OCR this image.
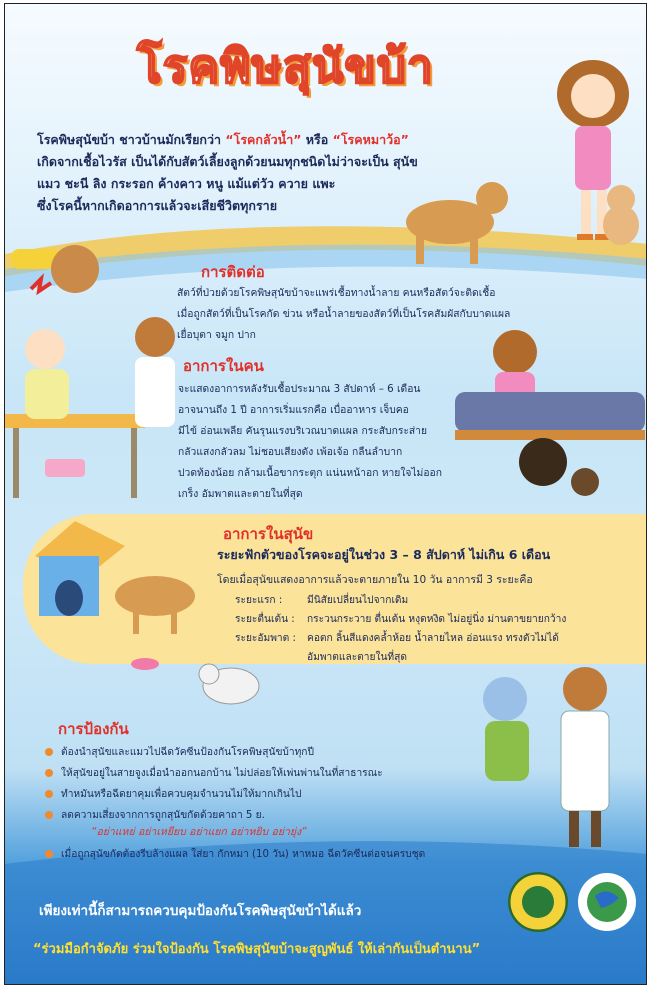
โรคพิษสุนัขบ้า
โรคพิษสุนัขบ้า ชาวบ้านมักเรียกว่า “โรคกลัวน้ำ” หรือ “โรคหมาว้อ”
เกิดจากเชื้อไวรัส เป็นได้กับสัตว์เลี้ยงลูกด้วยนมทุกชนิดไม่ว่าจะเป็น สุนัข
แมว ชะนี ลิง กระรอก ค้างคาว หนู แม้แต่วัว ควาย แพะ
ซึ่งโรคนี้หากเกิดอาการแล้วจะเสียชีวิตทุกราย
การติดต่อ
สัตว์ที่ป่วยด้วยโรคพิษสุนัขบ้าจะแพร่เชื้อทางน้ำลาย คนหรือสัตว์จะติดเชื้อ
เมื่อถูกสัตว์ที่เป็นโรคกัด ข่วน หรือน้ำลายของสัตว์ที่เป็นโรคสัมผัสกับบาดแผล
เยื่อบุตา จมูก ปาก
อาการในคน
จะแสดงอาการหลังรับเชื้อประมาณ 3 สัปดาห์ – 6 เดือน
อาจนานถึง 1 ปี อาการเริ่มแรกคือ เบื่ออาหาร เจ็บคอ
มีไข้ อ่อนเพลีย คันรุนแรงบริเวณบาดแผล กระสับกระส่าย
กลัวแสงกลัวลม ไม่ชอบเสียงดัง เพ้อเจ้อ กลืนลำบาก
ปวดท้องน้อย กล้ามเนื้อขากระตุก แน่นหน้าอก หายใจไม่ออก
เกร็ง อัมพาตและตายในที่สุด
อาการในสุนัข
ระยะฟักตัวของโรคจะอยู่ในช่วง 3 – 8 สัปดาห์ ไม่เกิน 6 เดือน
โดยเมื่อสุนัขแสดงอาการแล้วจะตายภายใน 10 วัน อาการมี 3 ระยะคือ
ระยะแรก : มีนิสัยเปลี่ยนไปจากเดิม
ระยะตื่นเต้น : กระวนกระวาย ตื่นเต้น หงุดหงิด ไม่อยู่นิ่ง ม่านตาขยายกว้าง
ระยะอัมพาต : คอตก ลิ้นสีแดงคล้ำห้อย น้ำลายไหล อ่อนแรง ทรงตัวไม่ได้
อัมพาตและตายในที่สุด
การป้องกัน
ต้องนำสุนัขและแมวไปฉีดวัคซีนป้องกันโรคพิษสุนัขบ้าทุกปี
ให้สุนัขอยู่ในสายจูงเมื่อนำออกนอกบ้าน ไม่ปล่อยให้เพ่นพ่านในที่สาธารณะ
ทำหมันหรือฉีดยาคุมเพื่อควบคุมจำนวนไม่ให้มากเกินไป
ลดความเสี่ยงจากการถูกสุนัขกัดด้วยคาถา 5 ย.
เมื่อถูกสุนัขกัดต้องรีบล้างแผล ใส่ยา กักหมา (10 วัน) หาหมอ ฉีดวัคซีนต่อจนครบชุด
“อย่าแหย่ อย่าเหยียบ อย่าแยก อย่าหยิบ อย่ายุ่ง”
เพียงเท่านี้ก็สามารถควบคุมป้องกันโรคพิษสุนัขบ้าได้แล้ว
“ร่วมมือกำจัดภัย ร่วมใจป้องกัน โรคพิษสุนัขบ้าจะสูญพันธ์ ให้เล่ากันเป็นตำนาน”
